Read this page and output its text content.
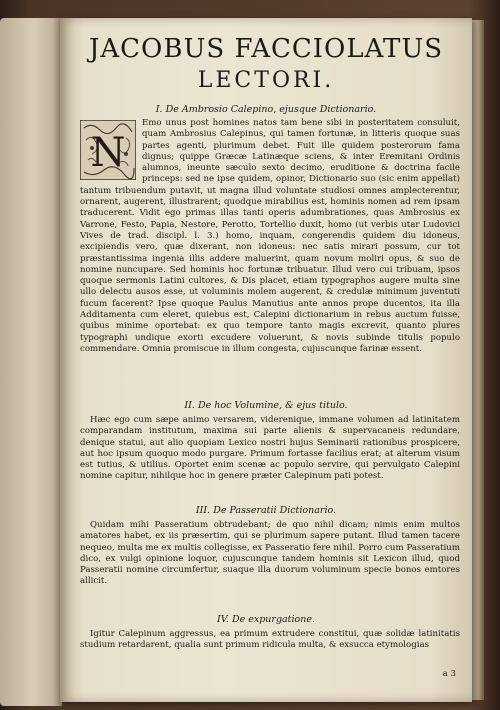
JACOBUS FACCIOLATUS
LECTORI.
I. De Ambrosio Calepino, ejusque Dictionario.

N
Emo unus post homines natos tam bene sibi in posteritatem consuluit, quam Ambrosius Calepinus, qui tamen fortunæ, in litteris quoque suas partes agenti, plurimum debet. Fuit ille quidem posterorum fama dignus; quippe Græcæ Latinæque sciens, & inter Eremitani Ordinis alumnos, ineunte sæculo sexto decimo, eruditione & doctrina facile princeps: sed ne ipse quidem, opinor, Dictionario suo (sic enim appellat) tantum tribuendum putavit, ut magna illud voluntate studiosi omnes amplecterentur, ornarent, augerent, illustrarent; quodque mirabilius est, hominis nomen ad rem ipsam traducerent. Vidit ego primas illas tanti operis adumbrationes, quas Ambrosius ex Varrone, Festo, Papia, Nestore, Perotto, Tortellio duxit, homo (ut verbis utar Ludovici Vives de trad. discipl. l. 3.) homo, inquam, congerendis quidem diu idoneus, excipiendis vero, quæ dixerant, non idoneus: nec satis mirari possum, cur tot præstantissima ingenia illis addere maluerint, quam novum moliri opus, & suo de nomine nuncupare. Sed hominis hoc fortunæ tribuatur. Illud vero cui tribuam, ipsos quoque sermonis Latini cultores, & Dis placet, etiam typographos augere multa sine ullo delectu ausos esse, ut voluminis molem augerent, & credulæ minimum juventuti fucum facerent? Ipse quoque Paulus Manutius ante annos prope ducentos, ita illa Additamenta cum eleret, quiebus est, Calepini dictionarium in rebus auctum fuisse, quibus minime oportebat: ex quo tempore tanto magis excrevit, quanto plures typographi undique exorti excudere voluerunt, & novis subinde titulis populo commendare. Omnia promiscue in illum congesta, cujuscunque farinæ essent.

II. De hoc Volumine, & ejus titulo.

Hæc ego cum sæpe animo versarem, viderenique, immane volumen ad latinitatem comparandam institutum, maxima sui parte alienis & supervacaneis redundare, denique statui, aut alio quopiam Lexico nostri hujus Seminarii rationibus prospicere, aut hoc ipsum quoquo modo purgare. Primum fortasse facilius erat; at alterum visum est tutius, & utilius. Oportet enim scenæ ac populo servire, qui pervulgato Calepini nomine capitur, nihilque hoc in genere præter Calepinum pati potest.

III. De Passeratii Dictionario.

Quidam mihi Passeratium obtrudebant; de quo nihil dicam; nimis enim multos amatores habet, ex iis præsertim, qui se plurimum sapere putant. Illud tamen tacere nequeo, multa me ex multis collegisse, ex Passeratio fere nihil. Porro cum Passeratium dico, ex vulgi opinione loquor, cujuscunque tandem hominis sit Lexicon illud, quod Passeratii nomine circumfertur, suaque illa duorum voluminum specie bonos emtores allicit.

IV. De expurgatione.

Igitur Calepinum aggressus, ea primum extrudere constitui, quæ solidæ latinitatis studium retardarent, qualia sunt primum ridicula multa, & exsucca etymologias

a 3
